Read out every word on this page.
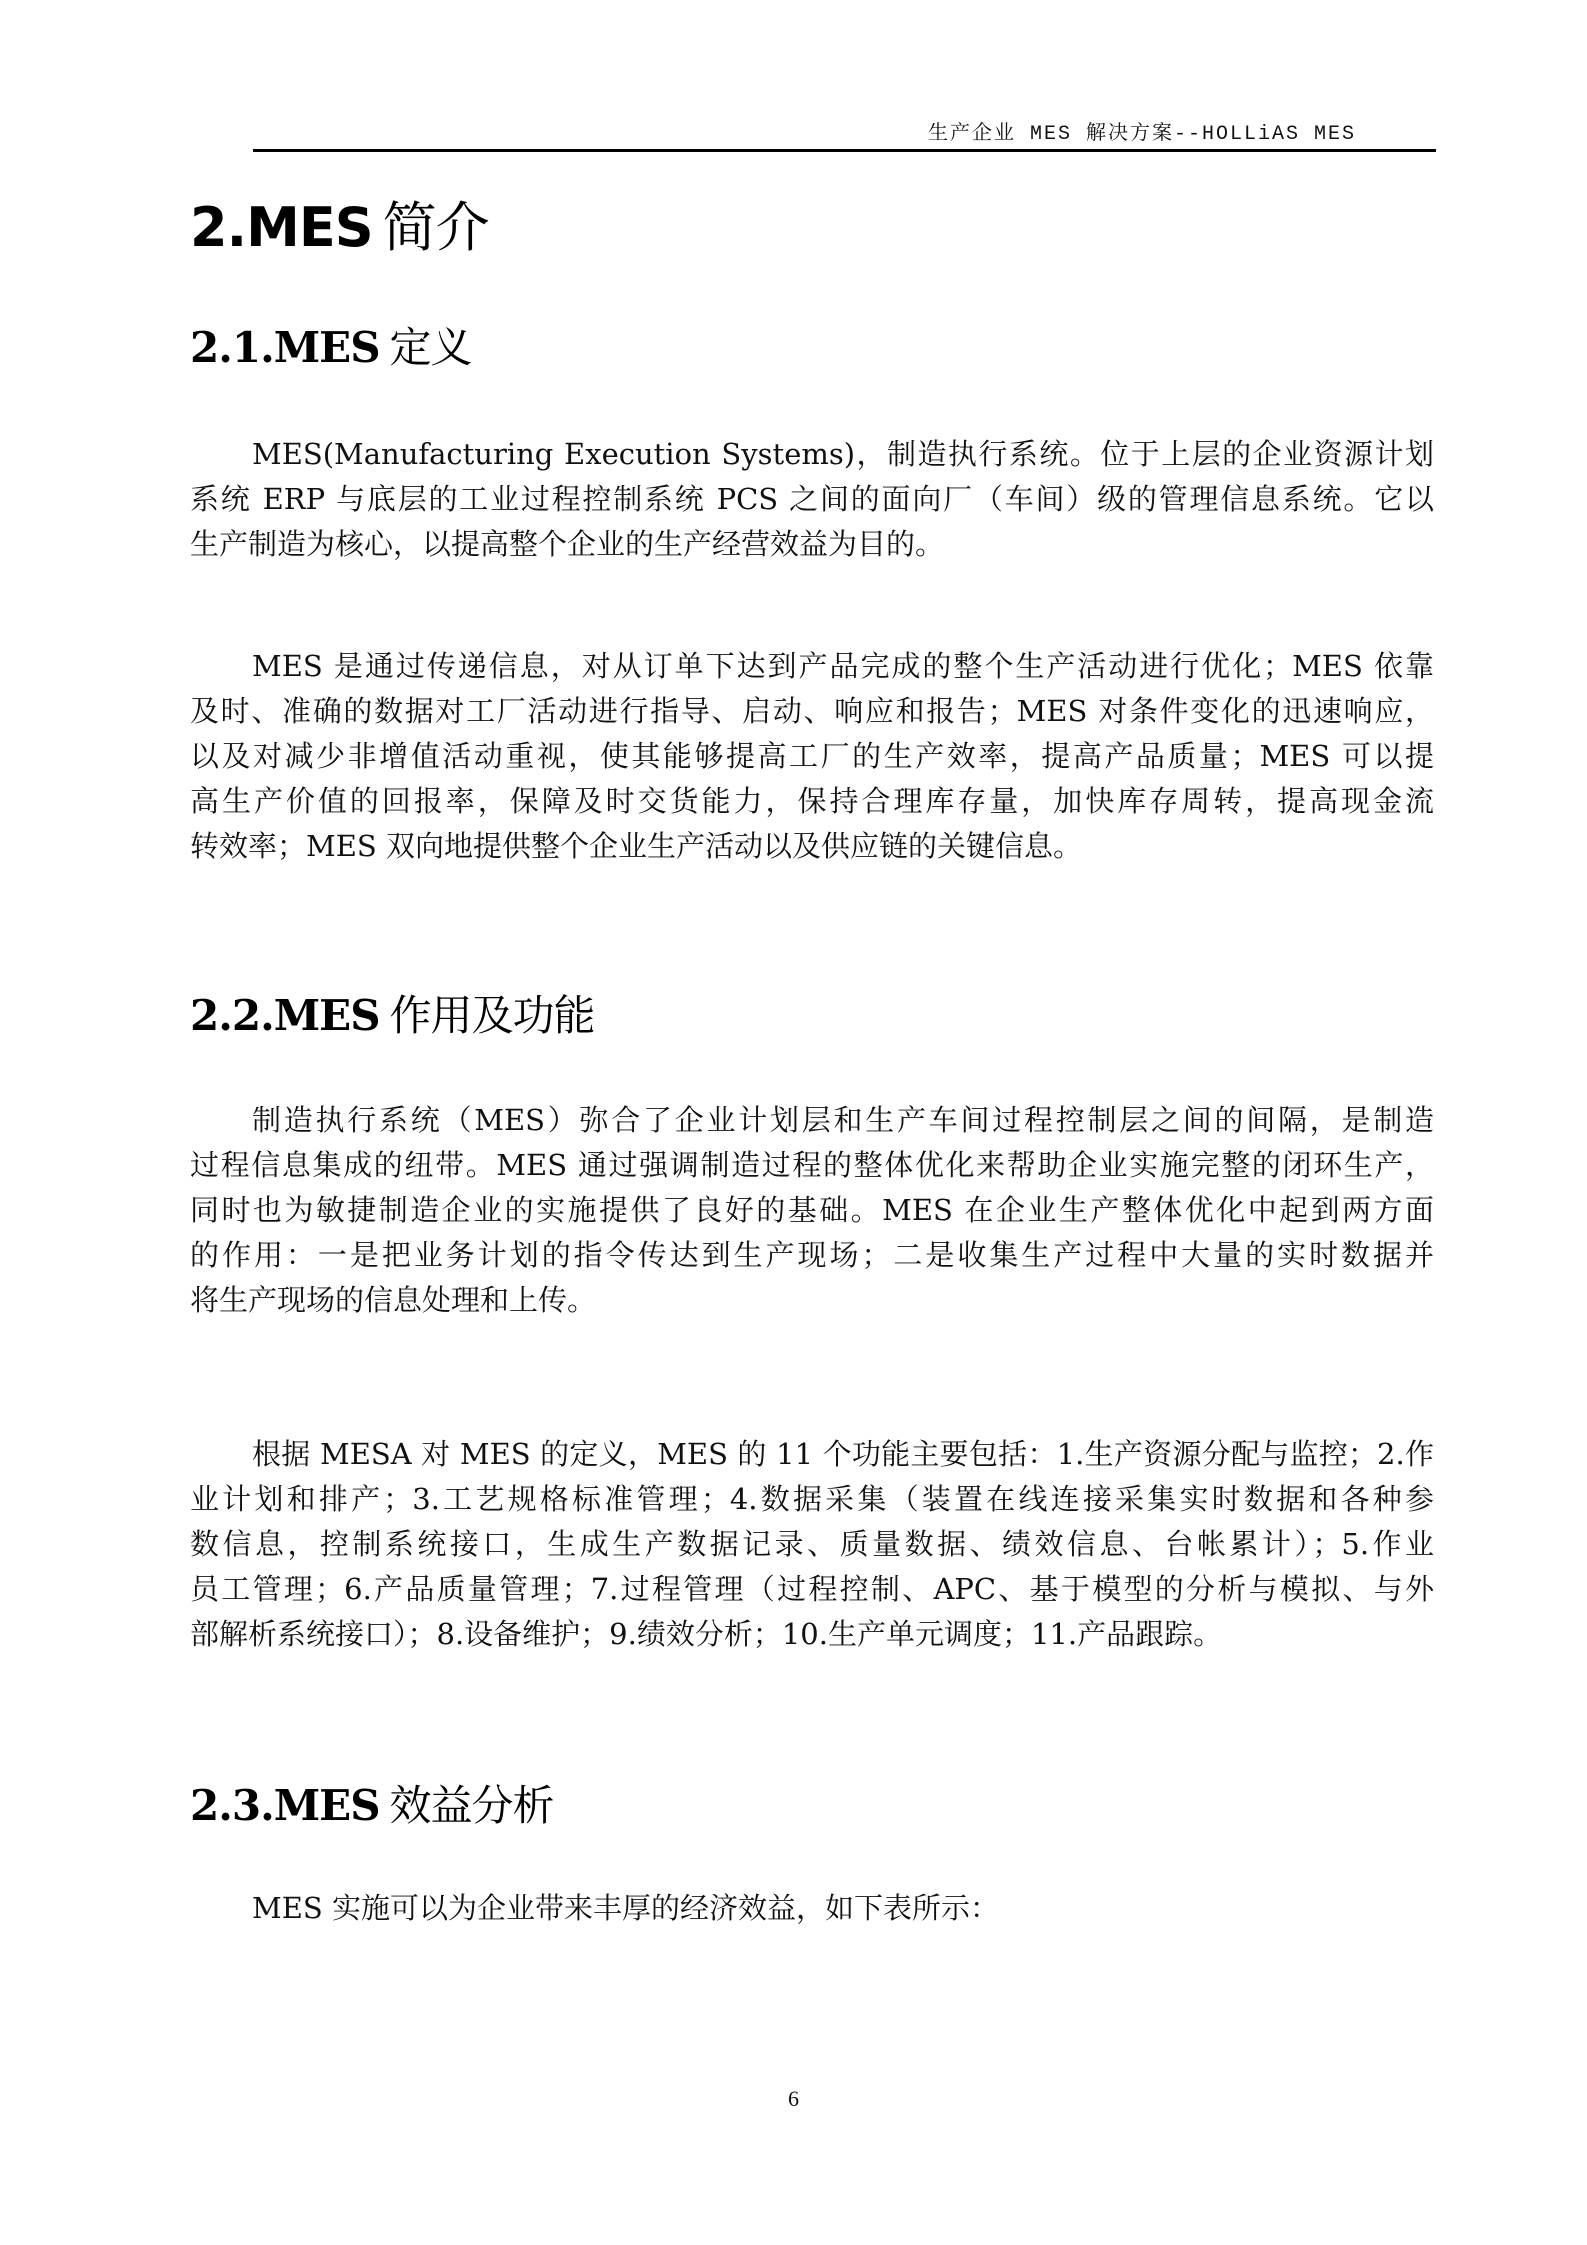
生产企业 MES 解决方案--HOLLiAS MES
2.MES 简介
2.1.MES 定义
MES(Manufacturing Execution Systems)，制造执行系统。位于上层的企业资源计划
系统 ERP 与底层的工业过程控制系统 PCS 之间的面向厂（车间）级的管理信息系统。它以
生产制造为核心，以提高整个企业的生产经营效益为目的。
MES 是通过传递信息，对从订单下达到产品完成的整个生产活动进行优化；MES 依靠
及时、准确的数据对工厂活动进行指导、启动、响应和报告；MES 对条件变化的迅速响应，
以及对减少非增值活动重视，使其能够提高工厂的生产效率，提高产品质量；MES 可以提
高生产价值的回报率，保障及时交货能力，保持合理库存量，加快库存周转，提高现金流
转效率；MES 双向地提供整个企业生产活动以及供应链的关键信息。
2.2.MES 作用及功能
制造执行系统（MES）弥合了企业计划层和生产车间过程控制层之间的间隔，是制造
过程信息集成的纽带。MES 通过强调制造过程的整体优化来帮助企业实施完整的闭环生产，
同时也为敏捷制造企业的实施提供了良好的基础。MES 在企业生产整体优化中起到两方面
的作用：一是把业务计划的指令传达到生产现场；二是收集生产过程中大量的实时数据并
将生产现场的信息处理和上传。
根据 MESA 对 MES 的定义，MES 的 11 个功能主要包括：1.生产资源分配与监控；2.作
业计划和排产；3.工艺规格标准管理；4.数据采集（装置在线连接采集实时数据和各种参
数信息，控制系统接口，生成生产数据记录、质量数据、绩效信息、台帐累计）；5.作业
员工管理；6.产品质量管理；7.过程管理（过程控制、APC、基于模型的分析与模拟、与外
部解析系统接口）；8.设备维护；9.绩效分析；10.生产单元调度；11.产品跟踪。
2.3.MES 效益分析
MES 实施可以为企业带来丰厚的经济效益，如下表所示：
6
